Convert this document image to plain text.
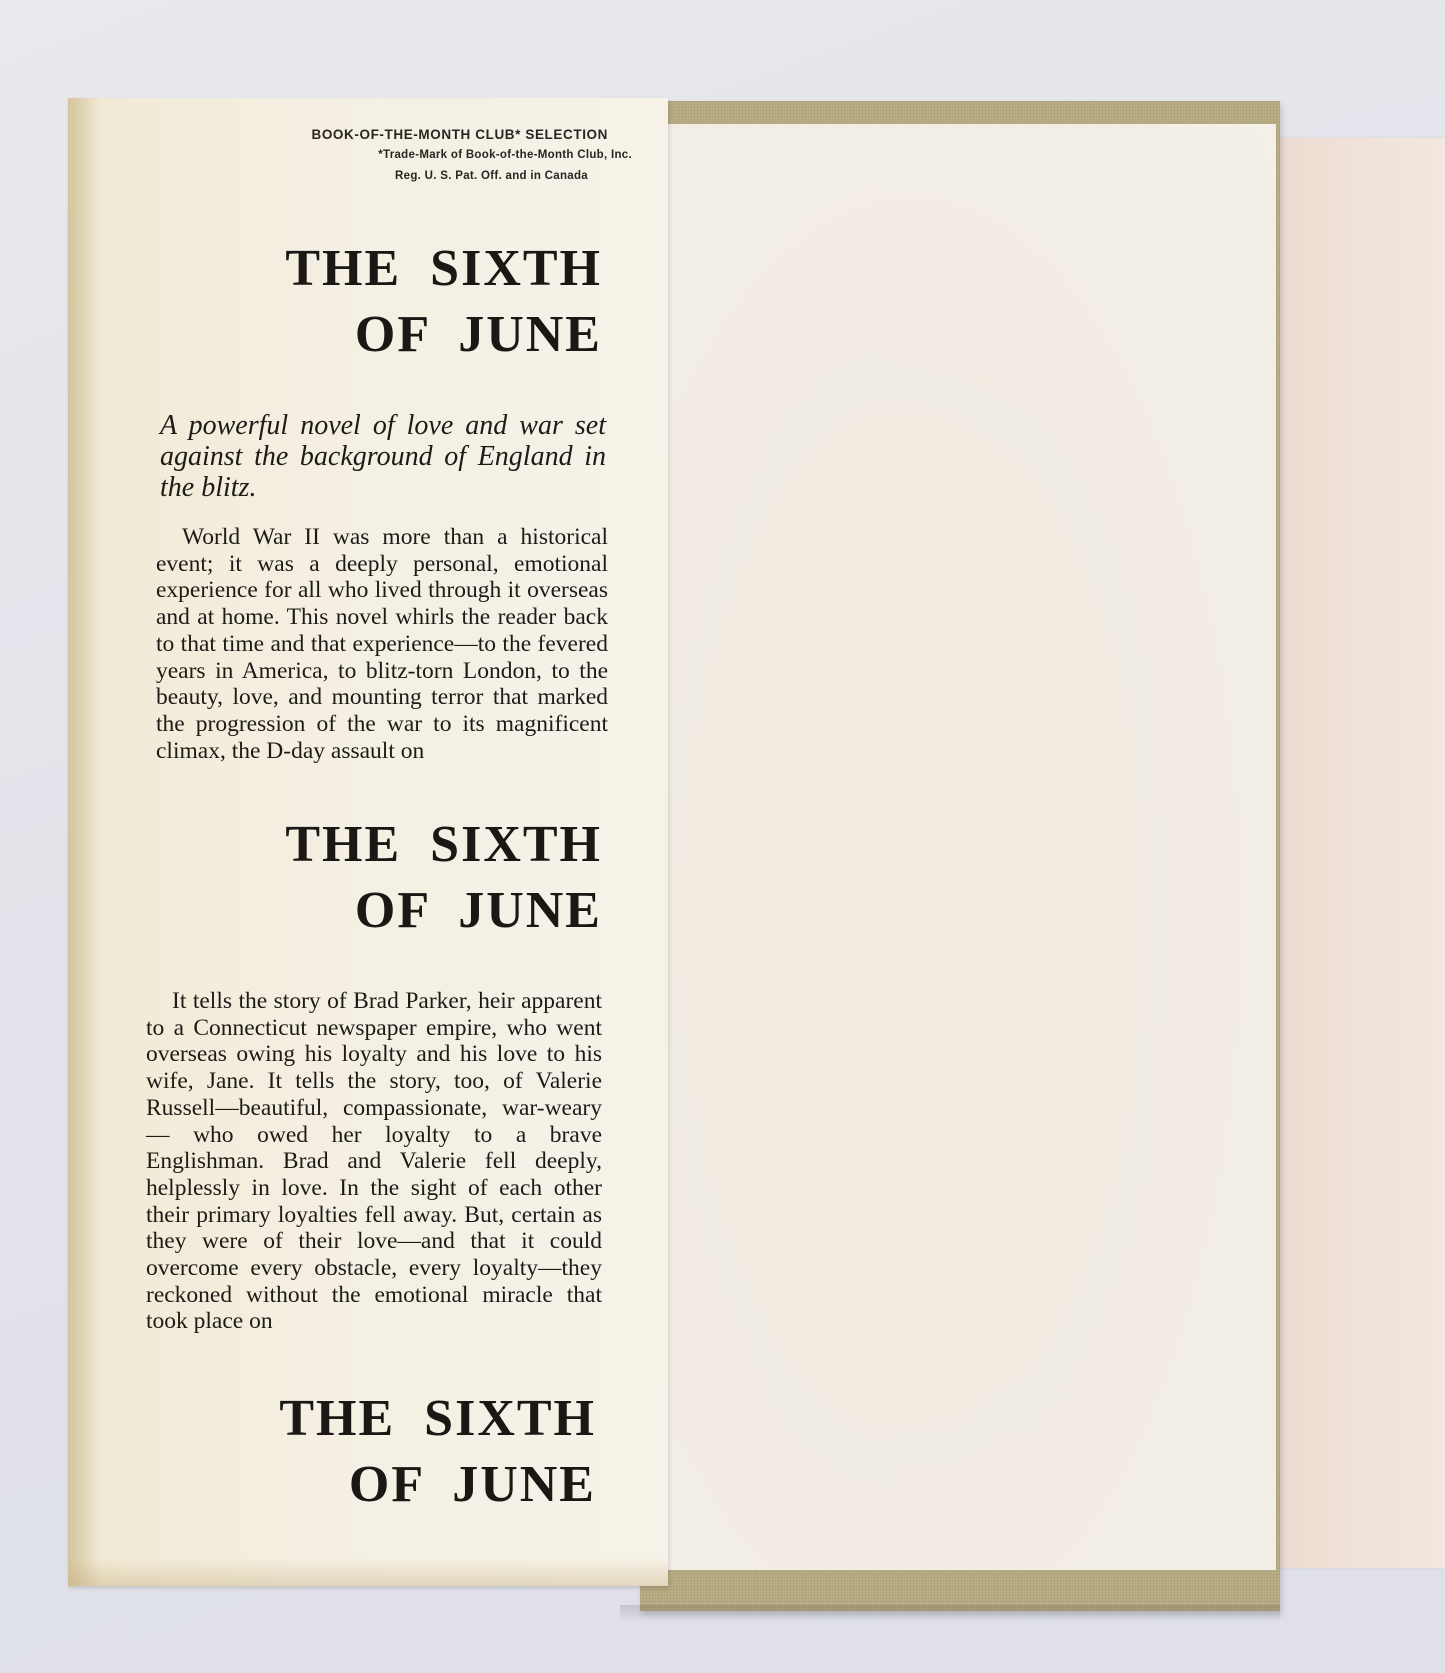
BOOK-OF-THE-MONTH CLUB* SELECTION
*Trade-Mark of Book-of-the-Month Club, Inc.
Reg. U. S. Pat. Off. and in Canada
THE SIXTH
OF JUNE
A powerful novel of love and war set against the background of England in the blitz.
World War II was more than a historical event; it was a deeply personal, emotional experience for all who lived through it overseas and at home. This novel whirls the reader back to that time and that experience—to the fevered years in America, to blitz-torn London, to the beauty, love, and mounting terror that marked the progression of the war to its magnificent climax, the D-day assault on
THE SIXTH
OF JUNE
It tells the story of Brad Parker, heir apparent to a Connecticut newspaper empire, who went overseas owing his loyalty and his love to his wife, Jane. It tells the story, too, of Valerie Russell—beautiful, compassionate, war-weary — who owed her loyalty to a brave Englishman. Brad and Valerie fell deeply, helplessly in love. In the sight of each other their primary loyalties fell away. But, certain as they were of their love—and that it could overcome every obstacle, every loyalty—they reckoned without the emotional miracle that took place on
THE SIXTH
OF JUNE
